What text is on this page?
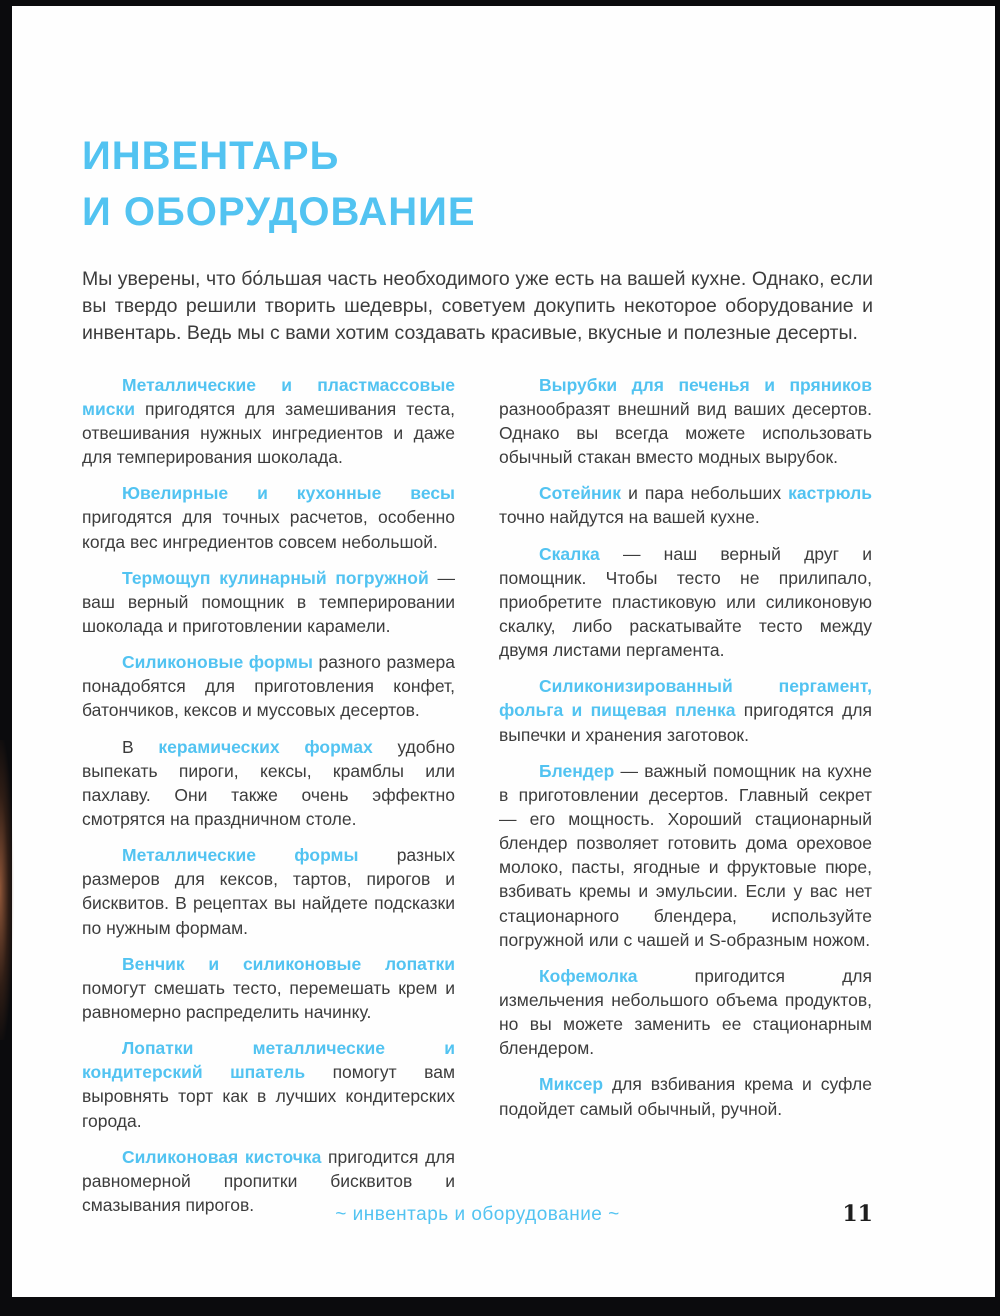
ИНВЕНТАРЬ
И ОБОРУДОВАНИЕ

Мы уверены, что бо́льшая часть необходимого уже есть на вашей кухне. Однако, если вы твердо решили творить шедевры, советуем докупить некоторое оборудование и инвентарь. Ведь мы с вами хотим создавать красивые, вкусные и полезные десерты.

Металлические и пластмассовые миски пригодятся для замешивания теста, отвешивания нужных ингредиентов и даже для темперирования шоколада.

Ювелирные и кухонные весы пригодятся для точных расчетов, особенно когда вес ингредиентов совсем небольшой.

Термощуп кулинарный погружной — ваш верный помощник в темперировании шоколада и приготовлении карамели.

Силиконовые формы разного размера понадобятся для приготовления конфет, батончиков, кексов и муссовых десертов.

В керамических формах удобно выпекать пироги, кексы, крамблы или пахлаву. Они также очень эффектно смотрятся на праздничном столе.

Металлические формы разных размеров для кексов, тартов, пирогов и бисквитов. В рецептах вы найдете подсказки по нужным формам.

Венчик и силиконовые лопатки помогут смешать тесто, перемешать крем и равномерно распределить начинку.

Лопатки металлические и кондитерский шпатель помогут вам выровнять торт как в лучших кондитерских города.

Силиконовая кисточка пригодится для равномерной пропитки бисквитов и смазывания пирогов.

Вырубки для печенья и пряников разнообразят внешний вид ваших десертов. Однако вы всегда можете использовать обычный стакан вместо модных вырубок.

Сотейник и пара небольших кастрюль точно найдутся на вашей кухне.

Скалка — наш верный друг и помощник. Чтобы тесто не прилипало, приобретите пластиковую или силиконовую скалку, либо раскатывайте тесто между двумя листами пергамента.

Силиконизированный пергамент, фольга и пищевая пленка пригодятся для выпечки и хранения заготовок.

Блендер — важный помощник на кухне в приготовлении десертов. Главный секрет — его мощность. Хороший стационарный блендер позволяет готовить дома ореховое молоко, пасты, ягодные и фруктовые пюре, взбивать кремы и эмульсии. Если у вас нет стационарного блендера, используйте погружной или с чашей и S-образным ножом.

Кофемолка пригодится для измельчения небольшого объема продуктов, но вы можете заменить ее стационарным блендером.

Миксер для взбивания крема и суфле подойдет самый обычный, ручной.

~ инвентарь и оборудование ~	11
